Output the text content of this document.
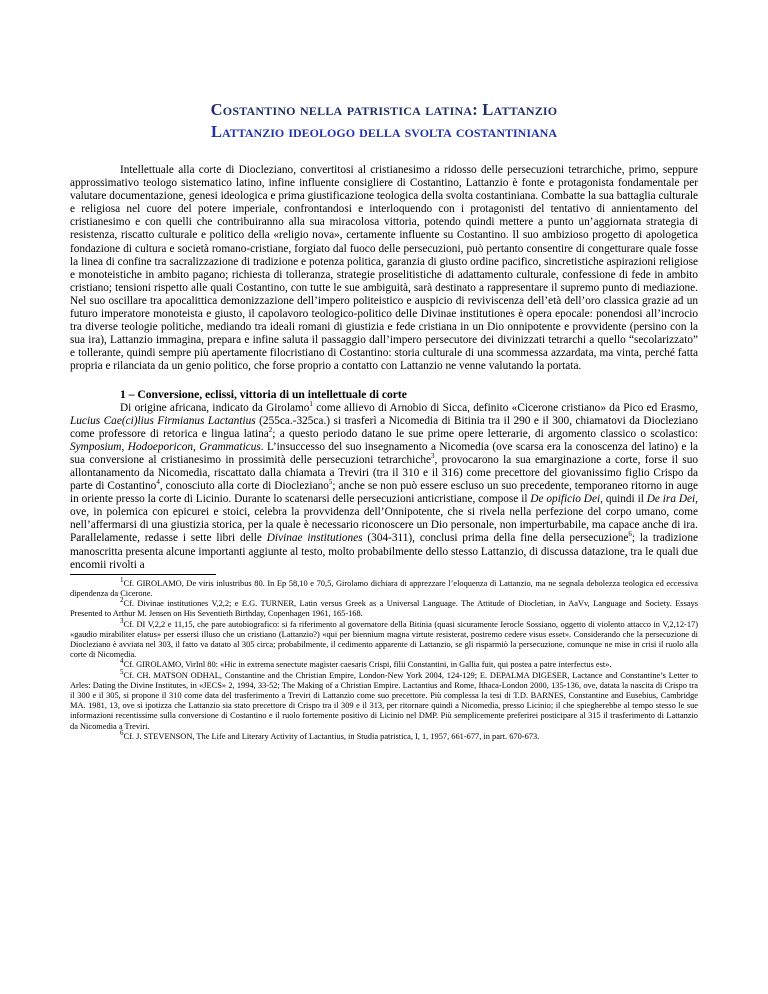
Costantino nella patristica latina: Lattanzio
Lattanzio ideologo della svolta costantiniana

Intellettuale alla corte di Diocleziano, convertitosi al cristianesimo a ridosso delle persecuzioni tetrarchiche, primo, seppure approssimativo teologo sistematico latino, infine influente consigliere di Costantino, Lattanzio è fonte e protagonista fondamentale per valutare documentazione, genesi ideologica e prima giustificazione teologica della svolta costantiniana. Combatte la sua battaglia culturale e religiosa nel cuore del potere imperiale, confrontandosi e interloquendo con i protagonisti del tentativo di annientamento del cristianesimo e con quelli che contribuiranno alla sua miracolosa vittoria, potendo quindi mettere a punto un’aggiornata strategia di resistenza, riscatto culturale e politico della «religio nova», certamente influente su Costantino. Il suo ambizioso progetto di apologetica fondazione di cultura e società romano-cristiane, forgiato dal fuoco delle persecuzioni, può pertanto consentire di congetturare quale fosse la linea di confine tra sacralizzazione di tradizione e potenza politica, garanzia di giusto ordine pacifico, sincretistiche aspirazioni religiose e monoteistiche in ambito pagano; richiesta di tolleranza, strategie proselitistiche di adattamento culturale, confessione di fede in ambito cristiano; tensioni rispetto alle quali Costantino, con tutte le sue ambiguità, sarà destinato a rappresentare il supremo punto di mediazione. Nel suo oscillare tra apocalittica demonizzazione dell’impero politeistico e auspicio di reviviscenza dell’età dell’oro classica grazie ad un futuro imperatore monoteista e giusto, il capolavoro teologico-politico delle Divinae institutiones è opera epocale: ponendosi all’incrocio tra diverse teologie politiche, mediando tra ideali romani di giustizia e fede cristiana in un Dio onnipotente e provvidente (persino con la sua ira), Lattanzio immagina, prepara e infine saluta il passaggio dall’impero persecutore dei divinizzati tetrarchi a quello “secolarizzato” e tollerante, quindi sempre più apertamente filocristiano di Costantino: storia culturale di una scommessa azzardata, ma vinta, perché fatta propria e rilanciata da un genio politico, che forse proprio a contatto con Lattanzio ne venne valutando la portata.

1 – Conversione, eclissi, vittoria di un intellettuale di corte

Di origine africana, indicato da Girolamo$^1$ come allievo di Arnobio di Sicca, definito «Cicerone cristiano» da Pico ed Erasmo, Lucius Cae(ci)lius Firmianus Lactantius (255ca.-325ca.) si trasferì a Nicomedia di Bitinia tra il 290 e il 300, chiamatovi da Diocleziano come professore di retorica e lingua latina$^2$; a questo periodo datano le sue prime opere letterarie, di argomento classico o scolastico: Symposium, Hodoeporicon, Grammaticus. L’insuccesso del suo insegnamento a Nicomedia (ove scarsa era la conoscenza del latino) e la sua conversione al cristianesimo in prossimità delle persecuzioni tetrarchiche$^3$, provocarono la sua emarginazione a corte, forse il suo allontanamento da Nicomedia, riscattato dalla chiamata a Treviri (tra il 310 e il 316) come precettore del giovanissimo figlio Crispo da parte di Costantino$^4$, conosciuto alla corte di Diocleziano$^5$; anche se non può essere escluso un suo precedente, temporaneo ritorno in auge in oriente presso la corte di Licinio. Durante lo scatenarsi delle persecuzioni anticristiane, compose il De opificio Dei, quindi il De ira Dei, ove, in polemica con epicurei e stoici, celebra la provvidenza dell’Onnipotente, che si rivela nella perfezione del corpo umano, come nell’affermarsi di una giustizia storica, per la quale è necessario riconoscere un Dio personale, non imperturbabile, ma capace anche di ira. Parallelamente, redasse i sette libri delle Divinae institutiones (304-311), conclusi prima della fine della persecuzione$^6$; la tradizione manoscritta presenta alcune importanti aggiunte al testo, molto probabilmente dello stesso Lattanzio, di discussa datazione, tra le quali due encomii rivolti a

$^1$Cf. GIROLAMO, De viris inlustribus 80. In Ep 58,10 e 70,5, Girolamo dichiara di apprezzare l’eloquenza di Lattanzio, ma ne segnala debolezza teologica ed eccessiva dipendenza da Cicerone.
$^2$Cf. Divinae institutiones V,2,2; e E.G. TURNER, Latin versus Greek as a Universal Language. The Attitude of Diocletian, in AaVv, Language and Society. Essays Presented to Arthur M. Jensen on His Seventieth Birthday, Copenhagen 1961, 165-168.
$^3$Cf. DI V,2,2 e 11,15, che pare autobiografico: si fa riferimento al governatore della Bitinia (quasi sicuramente Ierocle Sossiano, oggetto di violento attacco in V,2,12-17) «gaudio mirabiliter elatus» per essersi illuso che un cristiano (Lattanzio?) «qui per biennium magna virtute resisterat, postremo cedere visus esset». Considerando che la persecuzione di Diocleziano è avviata nel 303, il fatto va datato al 305 circa; probabilmente, il cedimento apparente di Lattanzio, se gli risparmiò la persecuzione, comunque ne mise in crisi il ruolo alla corte di Nicomedia.
$^4$Cf. GIROLAMO, VirInl 80: «Hic in extrema senectute magister caesaris Crispi, filii Constantini, in Gallia fuit, qui postea a patre interfectus est».
$^5$Cf. CH. MATSON ODHAL, Constantine and the Christian Empire, London-New York 2004, 124-129; E. DEPALMA DIGESER, Lactance and Constantine’s Letter to Arles: Dating the Divine Institutes, in «JECS» 2, 1994, 33-52; The Making of a Christian Empire. Lactantius and Rome, Ithaca-London 2000, 135-136, ove, datata la nascita di Crispo tra il 300 e il 305, si propone il 310 come data del trasferimento a Treviri di Lattanzio come suo precettore. Più complessa la tesi di T.D. BARNES, Constantine and Eusebius, Cambridge MA. 1981, 13, ove si ipotizza che Lattanzio sia stato precettore di Crispo tra il 309 e il 313, per ritornare quindi a Nicomedia, presso Licinio; il che spiegherebbe al tempo stesso le sue informazioni recentissime sulla conversione di Costantino e il ruolo fortemente positivo di Licinio nel DMP. Più semplicemente preferirei posticipare al 315 il trasferimento di Lattanzio da Nicomedia a Treviri.
$^6$Cf. J. STEVENSON, The Life and Literary Activity of Lactantius, in Studia patristica, I, 1, 1957, 661-677, in part. 670-673.
